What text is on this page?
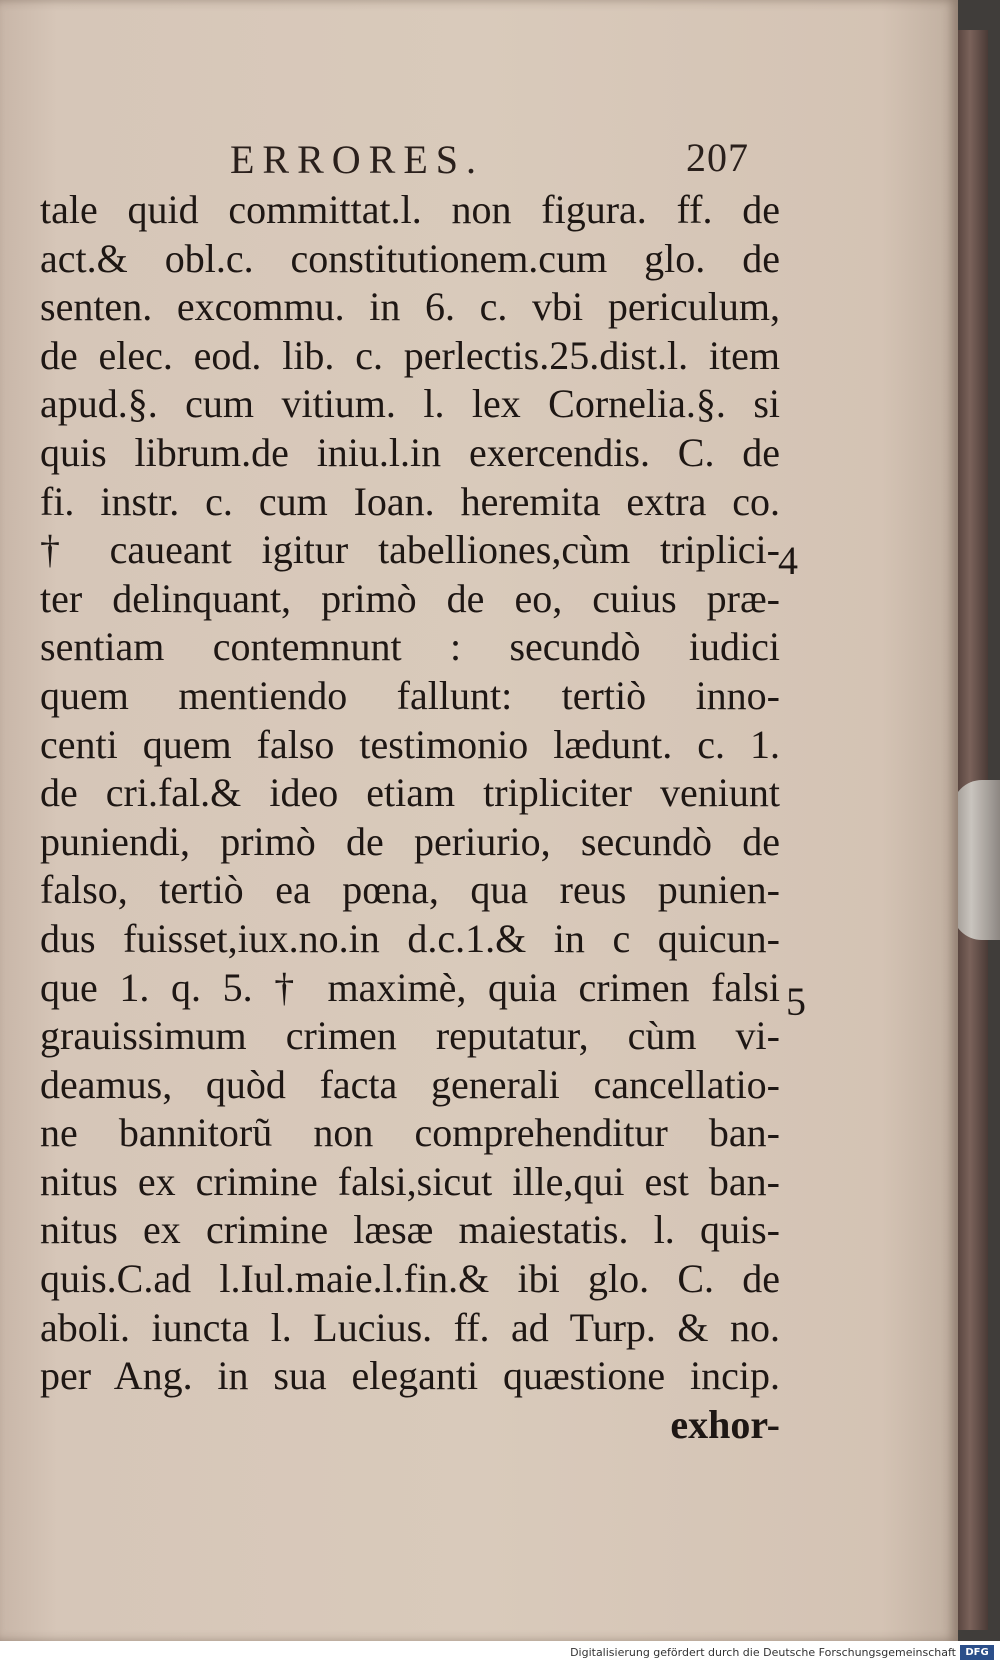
ERRORES.	207
tale quid committat.l. non figura. ff. de
act.& obl.c. constitutionem.cum glo. de
senten. excommu. in 6. c. vbi periculum,
de elec. eod. lib. c. perlectis.25.dist.l. item
apud.§. cum vitium. l. lex Cornelia.§. si
quis librum.de iniu.l.in exercendis. C. de
fi. instr. c. cum Ioan. heremita extra co.
† caueant igitur tabelliones,cùm triplici-
ter delinquant, primò de eo, cuius præ-
sentiam contemnunt : secundò iudici
quem mentiendo fallunt: tertiò inno-
centi quem falso testimonio lædunt. c. 1.
de cri.fal.& ideo etiam tripliciter veniunt
puniendi, primò de periurio, secundò de
falso, tertiò ea pœna, qua reus punien-
dus fuisset,iux.no.in d.c.1.& in c quicun-
que 1. q. 5. † maximè, quia crimen falsi
grauissimum crimen reputatur, cùm vi-
deamus, quòd facta generali cancellatio-
ne bannitorũ non comprehenditur ban-
nitus ex crimine falsi,sicut ille,qui est ban-
nitus ex crimine læsæ maiestatis. l. quis-
quis.C.ad l.Iul.maie.l.fin.& ibi glo. C. de
aboli. iuncta l. Lucius. ff. ad Turp. & no.
per Ang. in sua eleganti quæstione incip.
exhor-
4
5
Digitalisierung gefördert durch die Deutsche Forschungsgemeinschaft DFG
